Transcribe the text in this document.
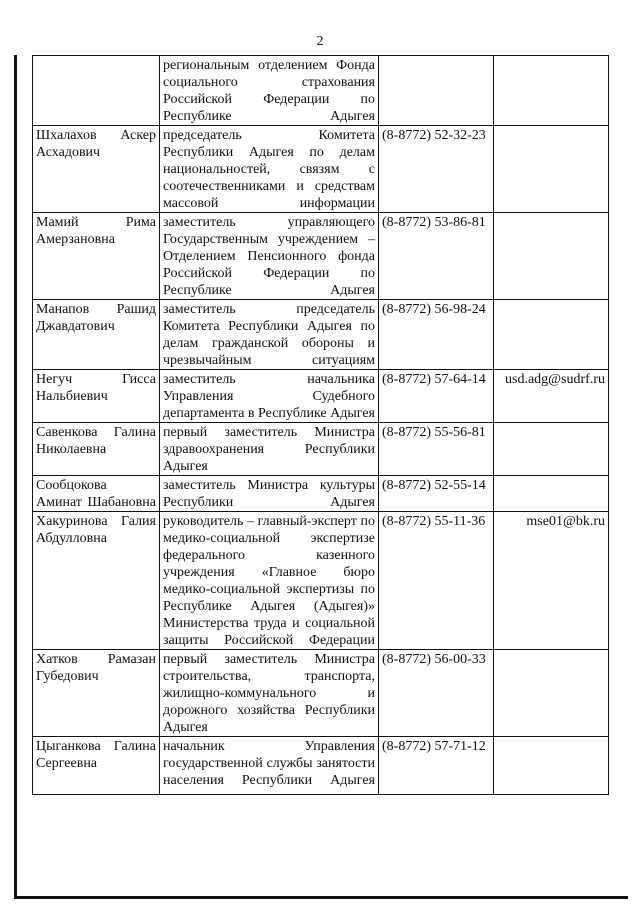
2
	региональным отделением Фонда социального страхования Российской Федерации по Республике Адыгея		
Шхалахов Аскер Асхадович	председатель Комитета Республики Адыгея по делам национальностей, связям с соотечественниками и средствам массовой информации	(8-8772) 52-32-23	
Мамий Рима Амерзановна	заместитель управляющего Государственным учреждением – Отделением Пенсионного фонда Российской Федерации по Республике Адыгея	(8-8772) 53-86-81	
Манапов Рашид Джавдатович	заместитель председатель Комитета Республики Адыгея по делам гражданской обороны и чрезвычайным ситуациям	(8-8772) 56-98-24	
Негуч Гисса Нальбиевич	заместитель начальника Управления Судебного департамента в Республике Адыгея	(8-8772) 57-64-14	usd.adg@sudrf.ru
Савенкова Галина Николаевна	первый заместитель Министра здравоохранения Республики Адыгея	(8-8772) 55-56-81	
Сообцокова Аминат Шабановна	заместитель Министра культуры Республики Адыгея	(8-8772) 52-55-14	
Хакуринова Галия Абдулловна	руководитель – главный-эксперт по медико-социальной экспертизе федерального казенного учреждения «Главное бюро медико-социальной экспертизы по Республике Адыгея (Адыгея)» Министерства труда и социальной защиты Российской Федерации	(8-8772) 55-11-36	mse01@bk.ru
Хатков Рамазан Губедович	первый заместитель Министра строительства, транспорта, жилищно-коммунального и дорожного хозяйства Республики Адыгея	(8-8772) 56-00-33	
Цыганкова Галина Сергеевна	начальник Управления государственной службы занятости населения Республики Адыгея	(8-8772) 57-71-12	
